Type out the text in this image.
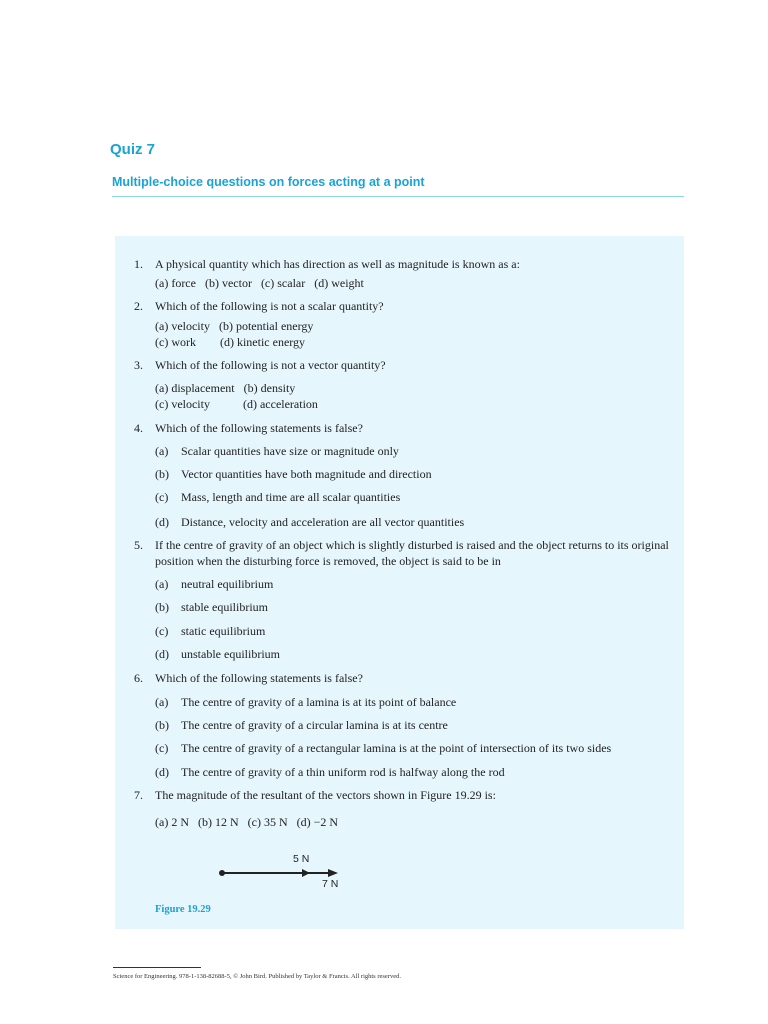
Quiz 7
Multiple-choice questions on forces acting at a point
1. A physical quantity which has direction as well as magnitude is known as a:
(a) force   (b) vector   (c) scalar   (d) weight
2. Which of the following is not a scalar quantity?
(a) velocity   (b) potential energy
(c) work        (d) kinetic energy
3. Which of the following is not a vector quantity?
(a) displacement   (b) density
(c) velocity           (d) acceleration
4. Which of the following statements is false?
(a) Scalar quantities have size or magnitude only
(b) Vector quantities have both magnitude and direction
(c) Mass, length and time are all scalar quantities
(d) Distance, velocity and acceleration are all vector quantities
5. If the centre of gravity of an object which is slightly disturbed is raised and the object returns to its original
position when the disturbing force is removed, the object is said to be in
(a) neutral equilibrium
(b) stable equilibrium
(c) static equilibrium
(d) unstable equilibrium
6. Which of the following statements is false?
(a) The centre of gravity of a lamina is at its point of balance
(b) The centre of gravity of a circular lamina is at its centre
(c) The centre of gravity of a rectangular lamina is at the point of intersection of its two sides
(d) The centre of gravity of a thin uniform rod is halfway along the rod
7. The magnitude of the resultant of the vectors shown in Figure 19.29 is:
(a) 2 N   (b) 12 N   (c) 35 N   (d) −2 N
5 N
7 N
Figure 19.29
Science for Engineering. 978-1-138-82688-5, © John Bird. Published by Taylor & Francis. All rights reserved.
